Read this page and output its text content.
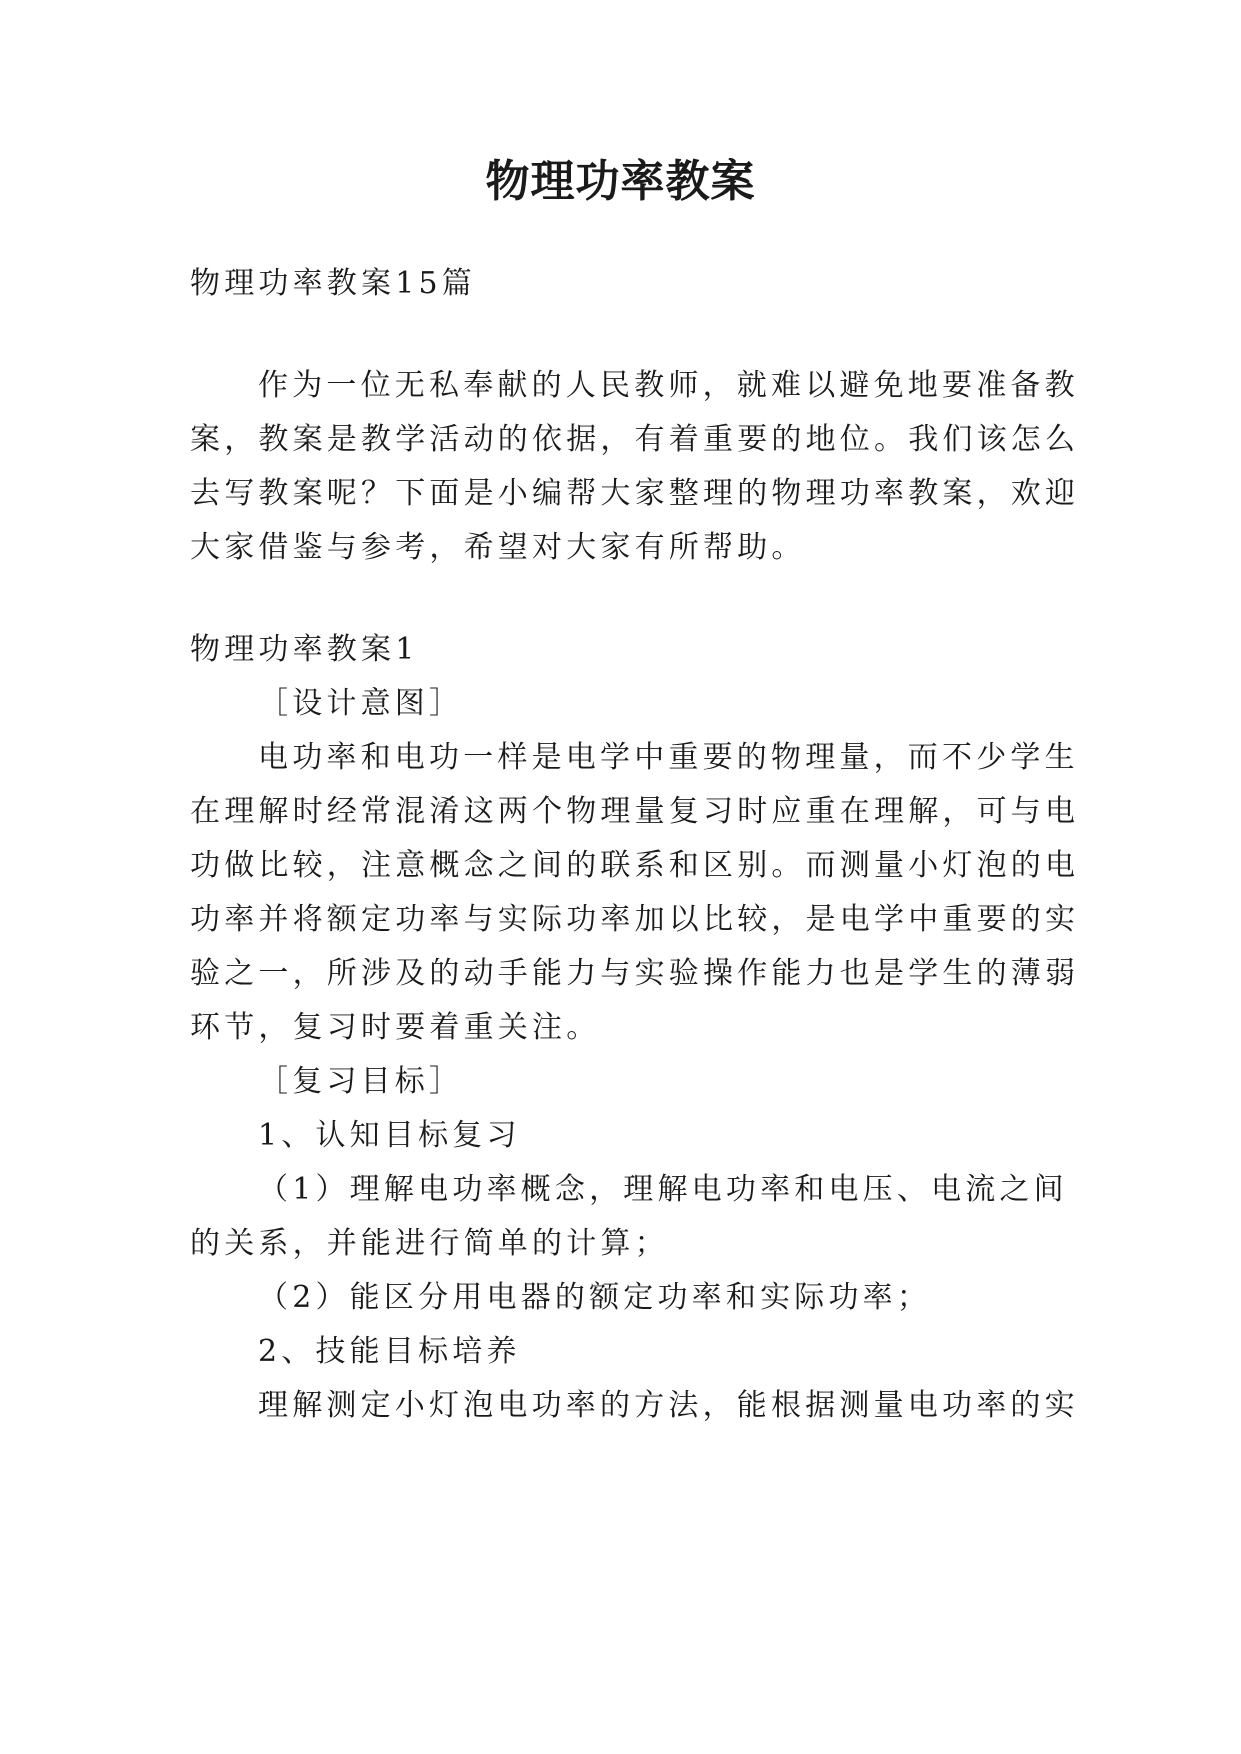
物理功率教案
物理功率教案15篇
作为一位无私奉献的人民教师，就难以避免地要准备教
案，教案是教学活动的依据，有着重要的地位。我们该怎么
去写教案呢？下面是小编帮大家整理的物理功率教案，欢迎
大家借鉴与参考，希望对大家有所帮助。
物理功率教案1
［设计意图］
电功率和电功一样是电学中重要的物理量，而不少学生
在理解时经常混淆这两个物理量复习时应重在理解，可与电
功做比较，注意概念之间的联系和区别。而测量小灯泡的电
功率并将额定功率与实际功率加以比较，是电学中重要的实
验之一，所涉及的动手能力与实验操作能力也是学生的薄弱
环节，复习时要着重关注。
［复习目标］
1、认知目标复习
（1）理解电功率概念，理解电功率和电压、电流之间
的关系，并能进行简单的计算；
（2）能区分用电器的额定功率和实际功率；
2、技能目标培养
理解测定小灯泡电功率的方法，能根据测量电功率的实
